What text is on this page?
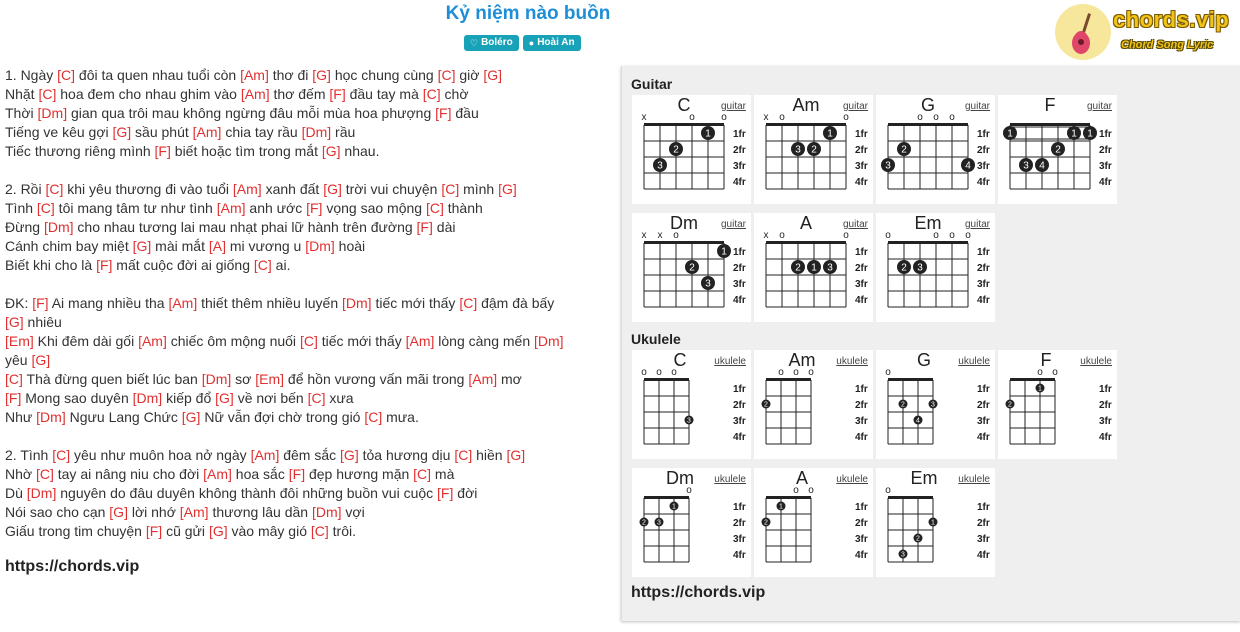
Kỷ niệm nào buồn
♡ Boléro ● Hoài An
chords.vip
Chord Song Lyric
1. Ngày [C] đôi ta quen nhau tuổi còn [Am] thơ đi [G] học chung cùng [C] giờ [G]
Nhặt [C] hoa đem cho nhau ghim vào [Am] thơ đếm [F] đầu tay mà [C] chờ
Thời [Dm] gian qua trôi mau không ngừng đâu mỗi mùa hoa phượng [F] đầu
Tiếng ve kêu gợi [G] sầu phút [Am] chia tay rầu [Dm] rầu
Tiếc thương riêng mình [F] biết hoặc tìm trong mắt [G] nhau.
2. Rồi [C] khi yêu thương đi vào tuổi [Am] xanh đất [G] trời vui chuyện [C] mình [G]
Tình [C] tôi mang tâm tư như tình [Am] anh ước [F] vọng sao mộng [C] thành
Đừng [Dm] cho nhau tương lai mau nhạt phai lữ hành trên đường [F] dài
Cánh chim bay miệt [G] mài mắt [A] mi vương u [Dm] hoài
Biết khi cho là [F] mất cuộc đời ai giống [C] ai.
ĐK: [F] Ai mang nhiều tha [Am] thiết thêm nhiều luyến [Dm] tiếc mới thấy [C] đậm đà bấy
[G] nhiêu
[Em] Khi đêm dài gối [Am] chiếc ôm mộng nuối [C] tiếc mới thấy [Am] lòng càng mến [Dm]
yêu [G]
[C] Thà đừng quen biết lúc ban [Dm] sơ [Em] để hồn vương vấn mãi trong [Am] mơ
[F] Mong sao duyên [Dm] kiếp đổ [G] về nơi bến [C] xưa
Như [Dm] Ngưu Lang Chức [G] Nữ vẫn đợi chờ trong gió [C] mưa.
2. Tình [C] yêu như muôn hoa nở ngày [Am] đêm sắc [G] tỏa hương dịu [C] hiền [G]
Nhờ [C] tay ai nâng niu cho đời [Am] hoa sắc [F] đẹp hương mặn [C] mà
Dù [Dm] nguyên do đâu duyên không thành đôi những buồn vui cuộc [F] đời
Nói sao cho cạn [G] lời nhớ [Am] thương lâu dần [Dm] vợi
Giấu trong tim chuyện [F] cũ gửi [G] vào mây gió [C] trôi.
https://chords.vip
Guitar
Ukulele
https://chords.vip
C	guitar
1fr
2fr
3fr
4fr
x	o	o
1
2
3
Am	guitar
1fr
2fr
3fr
4fr
x o	o
1
2
3
G	guitar
1fr
2fr
3fr
4fr
o o o
2
3	4
F	guitar
1fr
2fr
3fr
4fr
1	1 1
2
3 4
Dm	guitar
1fr
2fr
3fr
4fr
x x o
1
2
3
A	guitar
1fr
2fr
3fr
4fr
x o	o
2 1 3
Em	guitar
1fr
2fr
3fr
4fr
o	o o o
2 3
C	ukulele
1fr
2fr
3fr
4fr
o o o
3
Am	ukulele
1fr
2fr
3fr
4fr
o o o
2
G	ukulele
1fr
2fr
3fr
4fr
o
2	3
4
F	ukulele
1fr
2fr
3fr
4fr
o o
2
1
Dm	ukulele
1fr
2fr
3fr
4fr
o
2 3
1
A	ukulele
1fr
2fr
3fr
4fr
o o
2
1
Em	ukulele
1fr
2fr
3fr
4fr
o
1
2
3
